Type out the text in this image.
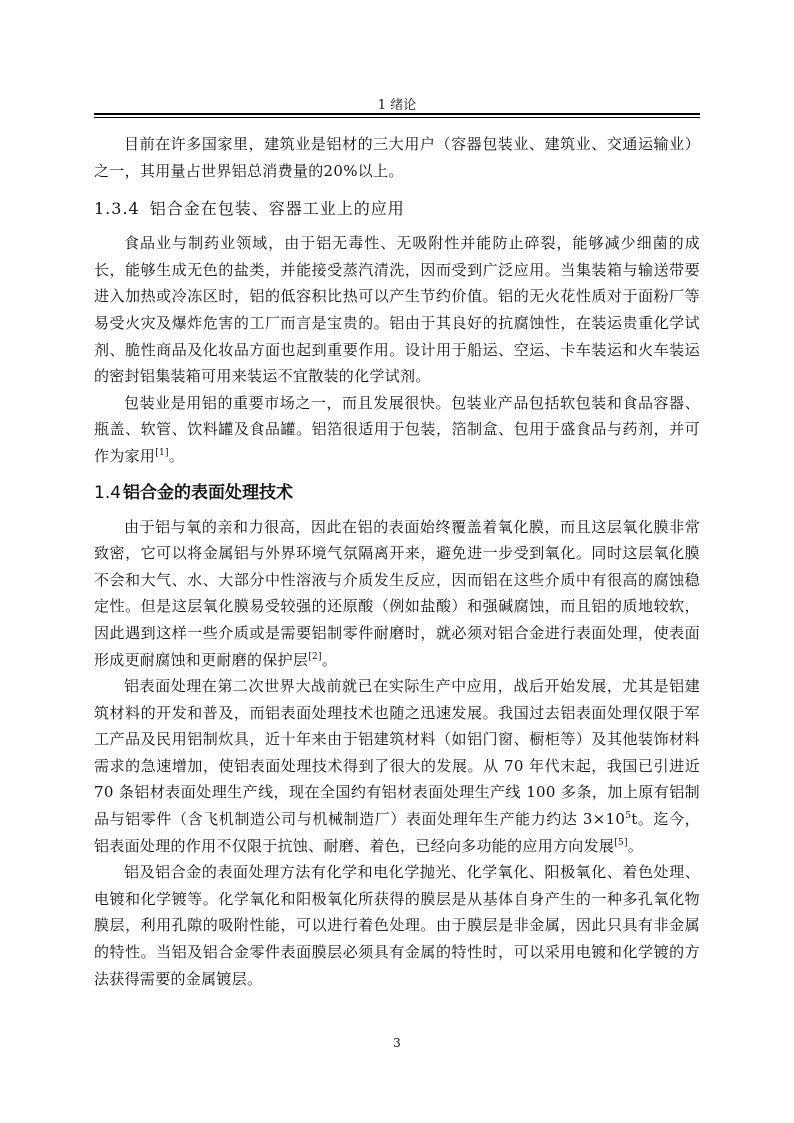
1 绪论

目前在许多国家里，建筑业是铝材的三大用户（容器包装业、建筑业、交通运输业）之一，其用量占世界铝总消费量的20%以上。

1.3.4 铝合金在包装、容器工业上的应用

食品业与制药业领域，由于铝无毒性、无吸附性并能防止碎裂，能够减少细菌的成长，能够生成无色的盐类，并能接受蒸汽清洗，因而受到广泛应用。当集装箱与输送带要进入加热或冷冻区时，铝的低容积比热可以产生节约价值。铝的无火花性质对于面粉厂等易受火灾及爆炸危害的工厂而言是宝贵的。铝由于其良好的抗腐蚀性，在装运贵重化学试剂、脆性商品及化妆品方面也起到重要作用。设计用于船运、空运、卡车装运和火车装运的密封铝集装箱可用来装运不宜散装的化学试剂。

包装业是用铝的重要市场之一，而且发展很快。包装业产品包括软包装和食品容器、瓶盖、软管、饮料罐及食品罐。铝箔很适用于包装，箔制盒、包用于盛食品与药剂，并可作为家用[1]。

1.4 铝合金的表面处理技术

由于铝与氧的亲和力很高，因此在铝的表面始终覆盖着氧化膜，而且这层氧化膜非常致密，它可以将金属铝与外界环境气氛隔离开来，避免进一步受到氧化。同时这层氧化膜不会和大气、水、大部分中性溶液与介质发生反应，因而铝在这些介质中有很高的腐蚀稳定性。但是这层氧化膜易受较强的还原酸（例如盐酸）和强碱腐蚀，而且铝的质地较软，因此遇到这样一些介质或是需要铝制零件耐磨时，就必须对铝合金进行表面处理，使表面形成更耐腐蚀和更耐磨的保护层[2]。

铝表面处理在第二次世界大战前就已在实际生产中应用，战后开始发展，尤其是铝建筑材料的开发和普及，而铝表面处理技术也随之迅速发展。我国过去铝表面处理仅限于军工产品及民用铝制炊具，近十年来由于铝建筑材料（如铝门窗、橱柜等）及其他装饰材料需求的急速增加，使铝表面处理技术得到了很大的发展。从 70 年代末起，我国已引进近 70 条铝材表面处理生产线，现在全国约有铝材表面处理生产线 100 多条，加上原有铝制品与铝零件（含飞机制造公司与机械制造厂）表面处理年生产能力约达 $3\times 10^5t$。迄今，铝表面处理的作用不仅限于抗蚀、耐磨、着色，已经向多功能的应用方向发展[5]。

铝及铝合金的表面处理方法有化学和电化学抛光、化学氧化、阳极氧化、着色处理、电镀和化学镀等。化学氧化和阳极氧化所获得的膜层是从基体自身产生的一种多孔氧化物膜层，利用孔隙的吸附性能，可以进行着色处理。由于膜层是非金属，因此只具有非金属的特性。当铝及铝合金零件表面膜层必须具有金属的特性时，可以采用电镀和化学镀的方法获得需要的金属镀层。

3
